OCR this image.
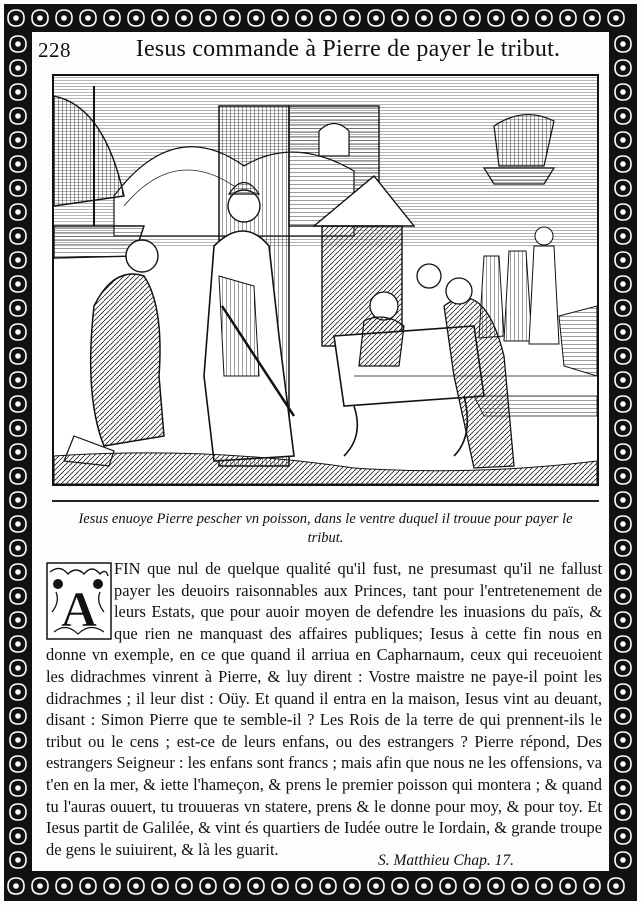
228	Iesus commande à Pierre de payer le tribut.
Iesus enuoye Pierre pescher vn poisson, dans le ventre duquel il trouue pour payer le tribut.
A

FIN que nul de quelque qualité qu'il fust, ne presumast qu'il ne fallust payer les deuoirs raisonnables aux Princes, tant pour l'entretenement de leurs Estats, que pour auoir moyen de defendre les inuasions du païs, & que rien ne manquast des affaires publiques; Iesus à cette fin nous en donne vn exemple, en ce que quand il arriua en Capharnaum, ceux qui receuoient les didrachmes vinrent à Pierre, & luy dirent : Vostre maistre ne paye-il point les didrachmes ; il leur dist : Oüy. Et quand il entra en la maison, Iesus vint au deuant, disant : Simon Pierre que te semble-il ? Les Rois de la terre de qui prennent-ils le tribut ou le cens ; est-ce de leurs enfans, ou des estrangers ? Pierre répond, Des estrangers Seigneur : les enfans sont francs ; mais afin que nous ne les offensions, va t'en en la mer, & iette l'hameçon, & prens le premier poisson qui montera ; & quand tu l'auras ouuert, tu trouueras vn statere, prens & le donne pour moy, & pour toy. Et Iesus partit de Galilée, & vint és quartiers de Iudée outre le Iordain, & grande troupe de gens le suiuirent, & là les guarit.

S. Matthieu Chap. 17.
